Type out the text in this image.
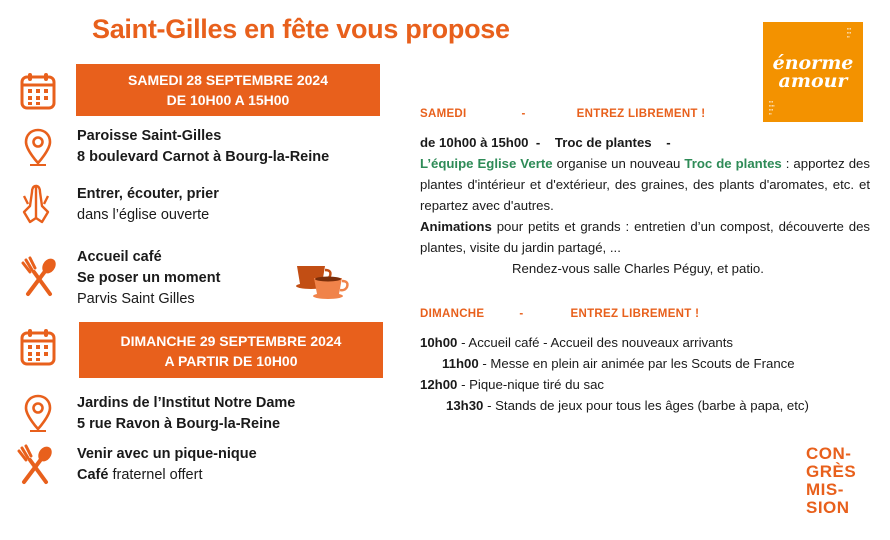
Saint-Gilles en fête vous propose
SAMEDI 28 SEPTEMBRE 2024
DE 10H00 A 15H00
Paroisse Saint-Gilles
8 boulevard Carnot à Bourg-la-Reine
Entrer, écouter, prier
dans l’église ouverte
Accueil café
Se poser un moment
Parvis Saint Gilles
DIMANCHE 29 SEPTEMBRE 2024
A PARTIR DE 10H00
Jardins de l’Institut Notre Dame
5 rue Ravon à Bourg-la-Reine
Venir avec un pique-nique
Café fraternel offert
SAMEDI	-	ENTREZ LIBREMENT !
de 10h00 à 15h00  -    Troc de plantes    -
L’équipe Eglise Verte organise un nouveau Troc de plantes : apportez des plantes d'intérieur et d'extérieur, des graines, des plants d'aromates, etc. et repartez avec d'autres.
Animations pour petits et grands : entretien d’un compost, découverte des plantes, visite du jardin partagé, ...
Rendez-vous salle Charles Péguy, et patio.
DIMANCHE	-	ENTREZ LIBREMENT !
10h00 - Accueil café - Accueil des nouveaux arrivants
11h00 - Messe en plein air animée par les Scouts de France
12h00 - Pique-nique tiré du sac
13h30 - Stands de jeux pour tous les âges (barbe à papa, etc)
▪▪▪
▪▪▪
▪▪
énorme
amour
▪▪▪
▪▪▪▪
▪▪▪
▪▪
CON-
GRÈS
MIS-
SION
